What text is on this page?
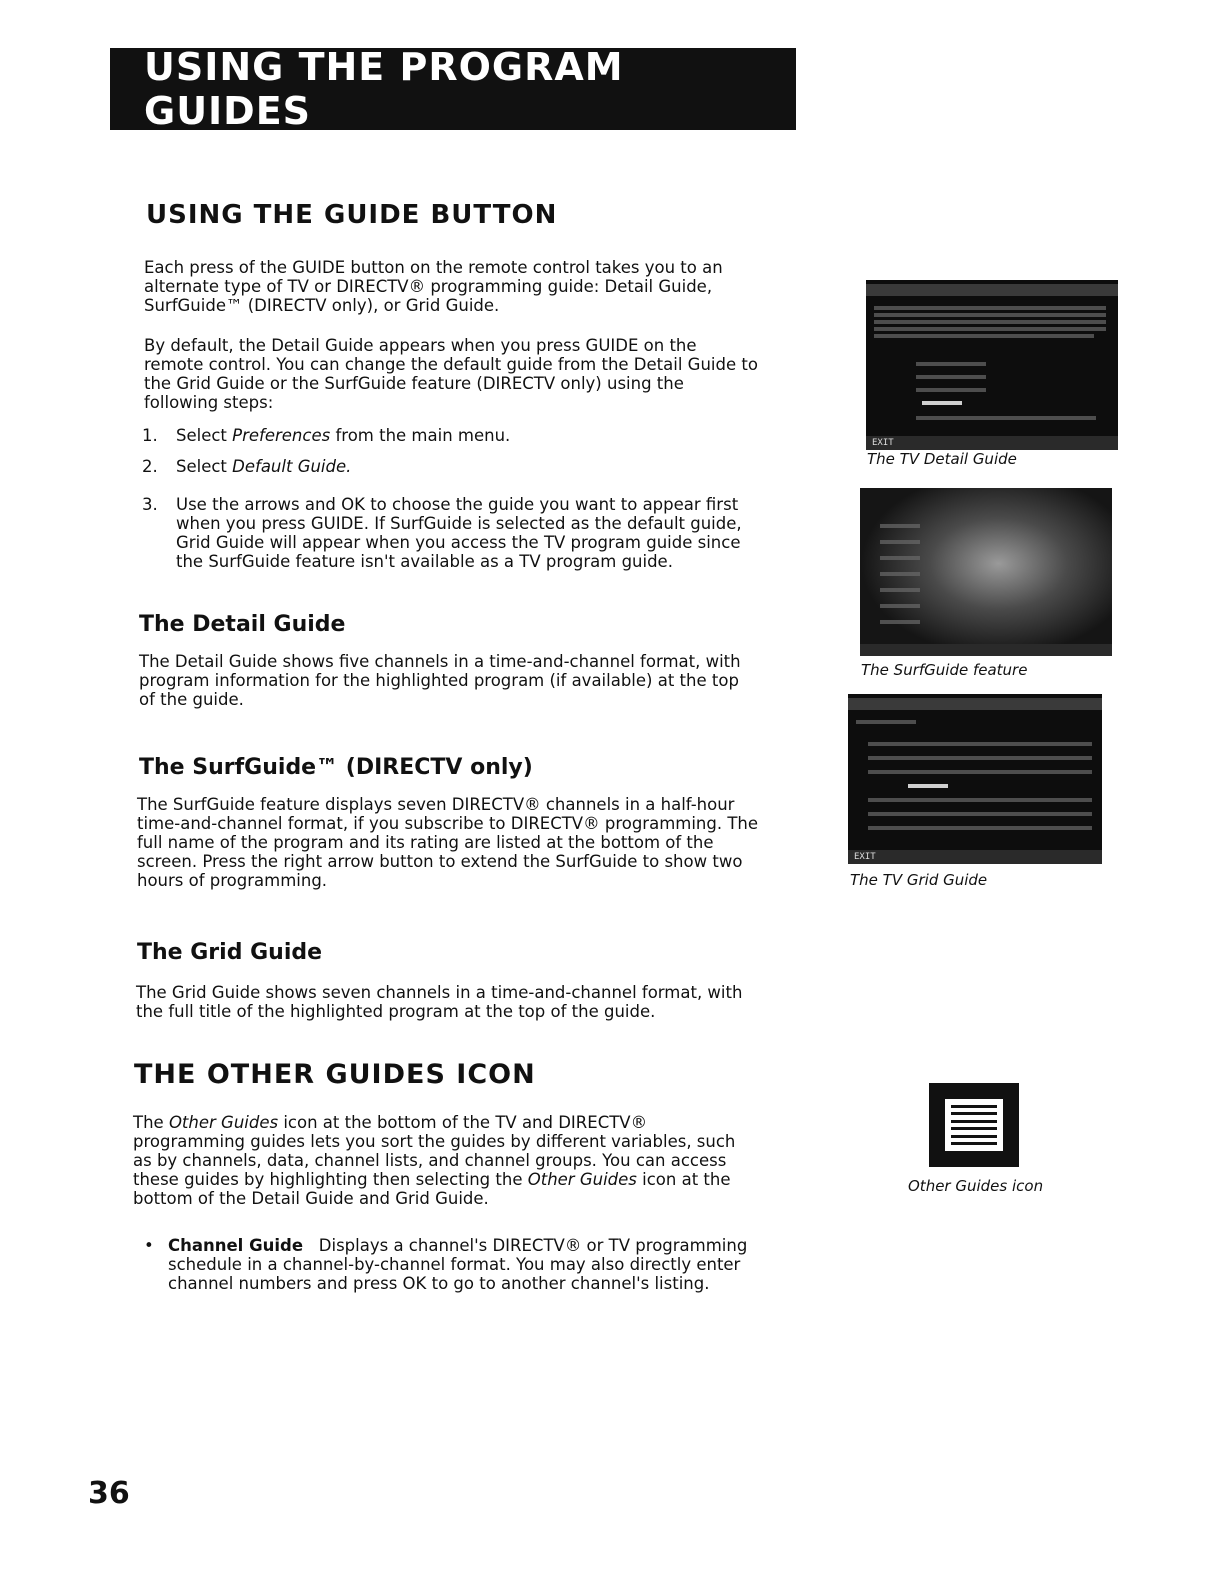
USING THE PROGRAM GUIDES
USING THE GUIDE BUTTON

Each press of the GUIDE button on the remote control takes you to an alternate type of TV or DIRECTV® programming guide: Detail Guide, SurfGuide™ (DIRECTV only), or Grid Guide.

By default, the Detail Guide appears when you press GUIDE on the remote control. You can change the default guide from the Detail Guide to the Grid Guide or the SurfGuide feature (DIRECTV only) using the following steps:

1. Select Preferences from the main menu.
2. Select Default Guide.
3. Use the arrows and OK to choose the guide you want to appear first when you press GUIDE. If SurfGuide is selected as the default guide, Grid Guide will appear when you access the TV program guide since the SurfGuide feature isn't available as a TV program guide.
The Detail Guide

The Detail Guide shows five channels in a time-and-channel format, with program information for the highlighted program (if available) at the top of the guide.

The SurfGuide™ (DIRECTV only)

The SurfGuide feature displays seven DIRECTV® channels in a half-hour time-and-channel format, if you subscribe to DIRECTV® programming. The full name of the program and its rating are listed at the bottom of the screen. Press the right arrow button to extend the SurfGuide to show two hours of programming.

The Grid Guide

The Grid Guide shows seven channels in a time-and-channel format, with the full title of the highlighted program at the top of the guide.

THE OTHER GUIDES ICON

The Other Guides icon at the bottom of the TV and DIRECTV® programming guides lets you sort the guides by different variables, such as by channels, data, channel lists, and channel groups. You can access these guides by highlighting then selecting the Other Guides icon at the bottom of the Detail Guide and Grid Guide.

• Channel Guide Displays a channel's DIRECTV® or TV programming schedule in a channel-by-channel format. You may also directly enter channel numbers and press OK to go to another channel's listing.
EXIT
The TV Detail Guide
The SurfGuide feature
EXIT
The TV Grid Guide
Other Guides icon
36
